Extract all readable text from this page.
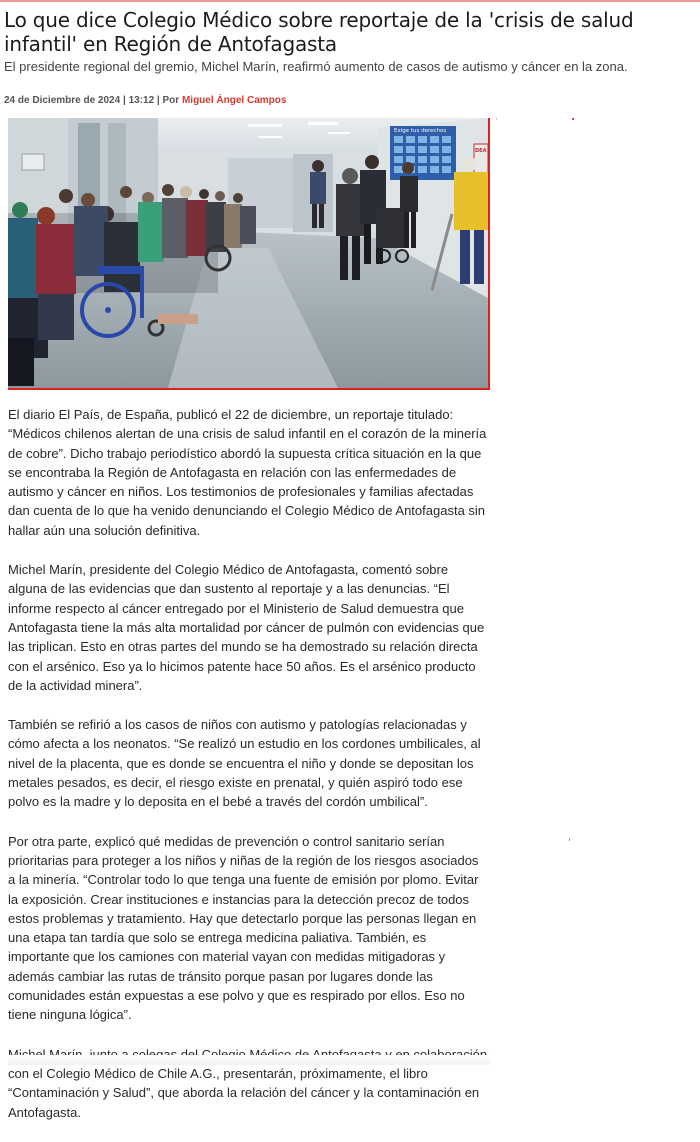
Lo que dice Colegio Médico sobre reportaje de la 'crisis de salud infantil' en Región de Antofagasta

El presidente regional del gremio, Michel Marín, reafirmó aumento de casos de autismo y cáncer en la zona.

24 de Diciembre de 2024 | 13:12 | Por Miguel Ángel Campos
Exige tus derechos
DEA

El diario El País, de España, publicó el 22 de diciembre, un reportaje titulado: “Médicos chilenos alertan de una crisis de salud infantil en el corazón de la minería de cobre”. Dicho trabajo periodístico abordó la supuesta crítica situación en la que se encontraba la Región de Antofagasta en relación con las enfermedades de autismo y cáncer en niños. Los testimonios de profesionales y familias afectadas dan cuenta de lo que ha venido denunciando el Colegio Médico de Antofagasta sin hallar aún una solución definitiva.

Michel Marín, presidente del Colegio Médico de Antofagasta, comentó sobre alguna de las evidencias que dan sustento al reportaje y a las denuncias. “El informe respecto al cáncer entregado por el Ministerio de Salud demuestra que Antofagasta tiene la más alta mortalidad por cáncer de pulmón con evidencias que las triplican. Esto en otras partes del mundo se ha demostrado su relación directa con el arsénico. Eso ya lo hicimos patente hace 50 años. Es el arsénico producto de la actividad minera”.

También se refirió a los casos de niños con autismo y patologías relacionadas y cómo afecta a los neonatos. “Se realizó un estudio en los cordones umbilicales, al nivel de la placenta, que es donde se encuentra el niño y donde se depositan los metales pesados, es decir, el riesgo existe en prenatal, y quién aspiró todo ese polvo es la madre y lo deposita en el bebé a través del cordón umbilical”.

Por otra parte, explicó qué medidas de prevención o control sanitario serían prioritarias para proteger a los niños y niñas de la región de los riesgos asociados a la minería. “Controlar todo lo que tenga una fuente de emisión por plomo. Evitar la exposición. Crear instituciones e instancias para la detección precoz de todos estos problemas y tratamiento. Hay que detectarlo porque las personas llegan en una etapa tan tardía que solo se entrega medicina paliativa. También, es importante que los camiones con material vayan con medidas mitigadoras y además cambiar las rutas de tránsito porque pasan por lugares donde las comunidades están expuestas a ese polvo y que es respirado por ellos. Eso no tiene ninguna lógica”.

con el Colegio Médico de Chile A.G., presentarán, próximamente, el libro “Contaminación y Salud”, que aborda la relación del cáncer y la contaminación en Antofagasta.
